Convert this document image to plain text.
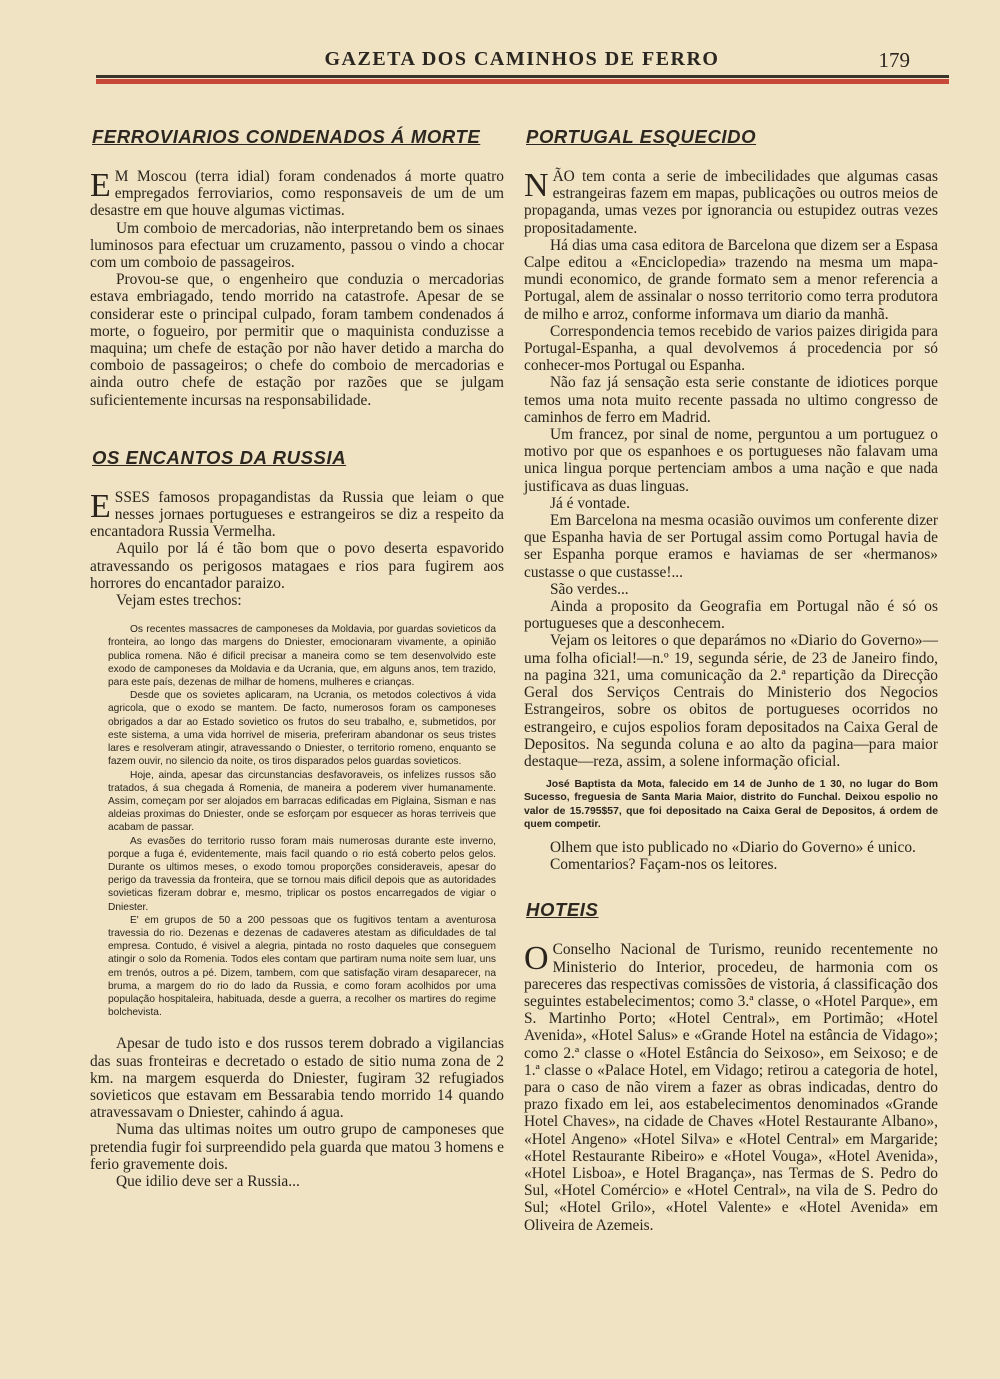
GAZETA DOS CAMINHOS DE FERRO	179
FERROVIARIOS CONDENADOS Á MORTE

E M Moscou (terra idial) foram condenados á morte quatro empregados ferroviarios, como responsaveis de um de um desastre em que houve algumas victimas.

Um comboio de mercadorias, não interpretando bem os sinaes luminosos para efectuar um cruzamento, passou o vindo a chocar com um comboio de passageiros.

Provou-se que, o engenheiro que conduzia o mercadorias estava embriagado, tendo morrido na catastrofe. Apesar de se considerar este o principal culpado, foram tambem condenados á morte, o fogueiro, por permitir que o maquinista conduzisse a maquina; um chefe de estação por não haver detido a marcha do comboio de passageiros; o chefe do comboio de mercadorias e ainda outro chefe de estação por razões que se julgam suficientemente incursas na responsabilidade.

OS ENCANTOS DA RUSSIA

ESSES famosos propagandistas da Russia que leiam o que nesses jornaes portugueses e estrangeiros se diz a respeito da encantadora Russia Vermelha.

Aquilo por lá é tão bom que o povo deserta espavorido atravessando os perigosos matagaes e rios para fugirem aos horrores do encantador paraizo.

Vejam estes trechos:

Os recentes massacres de camponeses da Moldavia, por guardas sovieticos da fronteira, ao longo das margens do Dniester, emocionaram vivamente, a opinião publica romena. Não é dificil precisar a maneira como se tem desenvolvido este exodo de camponeses da Moldavia e da Ucrania, que, em alguns anos, tem trazido, para este país, dezenas de milhar de homens, mulheres e crianças.

Desde que os sovietes aplicaram, na Ucrania, os metodos colectivos á vida agricola, que o exodo se mantem. De facto, numerosos foram os camponeses obrigados a dar ao Estado sovietico os frutos do seu trabalho, e, submetidos, por este sistema, a uma vida horrivel de miseria, preferiram abandonar os seus tristes lares e resolveram atingir, atravessando o Dniester, o territorio romeno, enquanto se fazem ouvir, no silencio da noite, os tiros disparados pelos guardas sovieticos.

Hoje, ainda, apesar das circunstancias desfavoraveis, os infelizes russos são tratados, á sua chegada á Romenia, de maneira a poderem viver humanamente. Assim, começam por ser alojados em barracas edificadas em Piglaina, Sisman e nas aldeias proximas do Dniester, onde se esforçam por esquecer as horas terriveis que acabam de passar.

As evasões do territorio russo foram mais numerosas durante este inverno, porque a fuga é, evidentemente, mais facil quando o rio está coberto pelos gelos. Durante os ultimos meses, o exodo tomou proporções consideraveis, apesar do perigo da travessia da fronteira, que se tornou mais dificil depois que as autoridades sovieticas fizeram dobrar e, mesmo, triplicar os postos encarregados de vigiar o Dniester.

E' em grupos de 50 a 200 pessoas que os fugitivos tentam a aventurosa travessia do rio. Dezenas e dezenas de cadaveres atestam as dificuldades de tal empresa. Contudo, é visivel a alegria, pintada no rosto daqueles que conseguem atingir o solo da Romenia. Todos eles contam que partiram numa noite sem luar, uns em trenós, outros a pé. Dizem, tambem, com que satisfação viram desaparecer, na bruma, a margem do rio do lado da Russia, e como foram acolhidos por uma população hospitaleira, habituada, desde a guerra, a recolher os martires do regime bolchevista.

Apesar de tudo isto e dos russos terem dobrado a vigilancias das suas fronteiras e decretado o estado de sitio numa zona de 2 km. na margem esquerda do Dniester, fugiram 32 refugiados sovieticos que estavam em Bessarabia tendo morrido 14 quando atravessavam o Dniester, cahindo á agua.

Numa das ultimas noites um outro grupo de camponeses que pretendia fugir foi surpreendido pela guarda que matou 3 homens e ferio gravemente dois.

Que idilio deve ser a Russia...

PORTUGAL ESQUECIDO

NÃO tem conta a serie de imbecilidades que algumas casas estrangeiras fazem em mapas, publicações ou outros meios de propaganda, umas vezes por ignorancia ou estupidez outras vezes propositadamente.

Há dias uma casa editora de Barcelona que dizem ser a Espasa Calpe editou a «Enciclopedia» trazendo na mesma um mapa-mundi economico, de grande formato sem a menor referencia a Portugal, alem de assinalar o nosso territorio como terra produtora de milho e arroz, conforme informava um diario da manhã.

Correspondencia temos recebido de varios paizes dirigida para Portugal-Espanha, a qual devolvemos á procedencia por só conhecer-mos Portugal ou Espanha.

Não faz já sensação esta serie constante de idiotices porque temos uma nota muito recente passada no ultimo congresso de caminhos de ferro em Madrid.

Um francez, por sinal de nome, perguntou a um portuguez o motivo por que os espanhoes e os portugueses não falavam uma unica lingua porque pertenciam ambos a uma nação e que nada justificava as duas linguas.

Já é vontade.

Em Barcelona na mesma ocasião ouvimos um conferente dizer que Espanha havia de ser Portugal assim como Portugal havia de ser Espanha porque eramos e haviamas de ser «hermanos» custasse o que custasse!...

São verdes...

Ainda a proposito da Geografia em Portugal não é só os portugueses que a desconhecem.

Vejam os leitores o que deparámos no «Diario do Governo»—uma folha oficial!—n.º 19, segunda série, de 23 de Janeiro findo, na pagina 321, uma comunicação da 2.ª repartição da Direcção Geral dos Serviços Centrais do Ministerio dos Negocios Estrangeiros, sobre os obitos de portugueses ocorridos no estrangeiro, e cujos espolios foram depositados na Caixa Geral de Depositos. Na segunda coluna e ao alto da pagina—para maior destaque—reza, assim, a solene informação oficial.

José Baptista da Mota, falecido em 14 de Junho de 1 30, no lugar do Bom Sucesso, freguesia de Santa Maria Maior, distrito do Funchal. Deixou espolio no valor de 15.795$57, que foi depositado na Caixa Geral de Depositos, á ordem de quem competir.

Olhem que isto publicado no «Diario do Governo» é unico.

Comentarios? Façam-nos os leitores.

HOTEIS

O Conselho Nacional de Turismo, reunido recentemente no Ministerio do Interior, procedeu, de harmonia com os pareceres das respectivas comissões de vistoria, á classificação dos seguintes estabelecimentos; como 3.ª classe, o «Hotel Parque», em S. Martinho Porto; «Hotel Central», em Portimão; «Hotel Avenida», «Hotel Salus» e «Grande Hotel na estância de Vidago»; como 2.ª classe o «Hotel Estância do Seixoso», em Seixoso; e de 1.ª classe o «Palace Hotel, em Vidago; retirou a categoria de hotel, para o caso de não virem a fazer as obras indicadas, dentro do prazo fixado em lei, aos estabelecimentos denominados «Grande Hotel Chaves», na cidade de Chaves «Hotel Restaurante Albano», «Hotel Angeno» «Hotel Silva» e «Hotel Central» em Margaride; «Hotel Restaurante Ribeiro» e «Hotel Vouga», «Hotel Avenida», «Hotel Lisboa», e Hotel Bragança», nas Termas de S. Pedro do Sul, «Hotel Comércio» e «Hotel Central», na vila de S. Pedro do Sul; «Hotel Grilo», «Hotel Valente» e «Hotel Avenida» em Oliveira de Azemeis.
